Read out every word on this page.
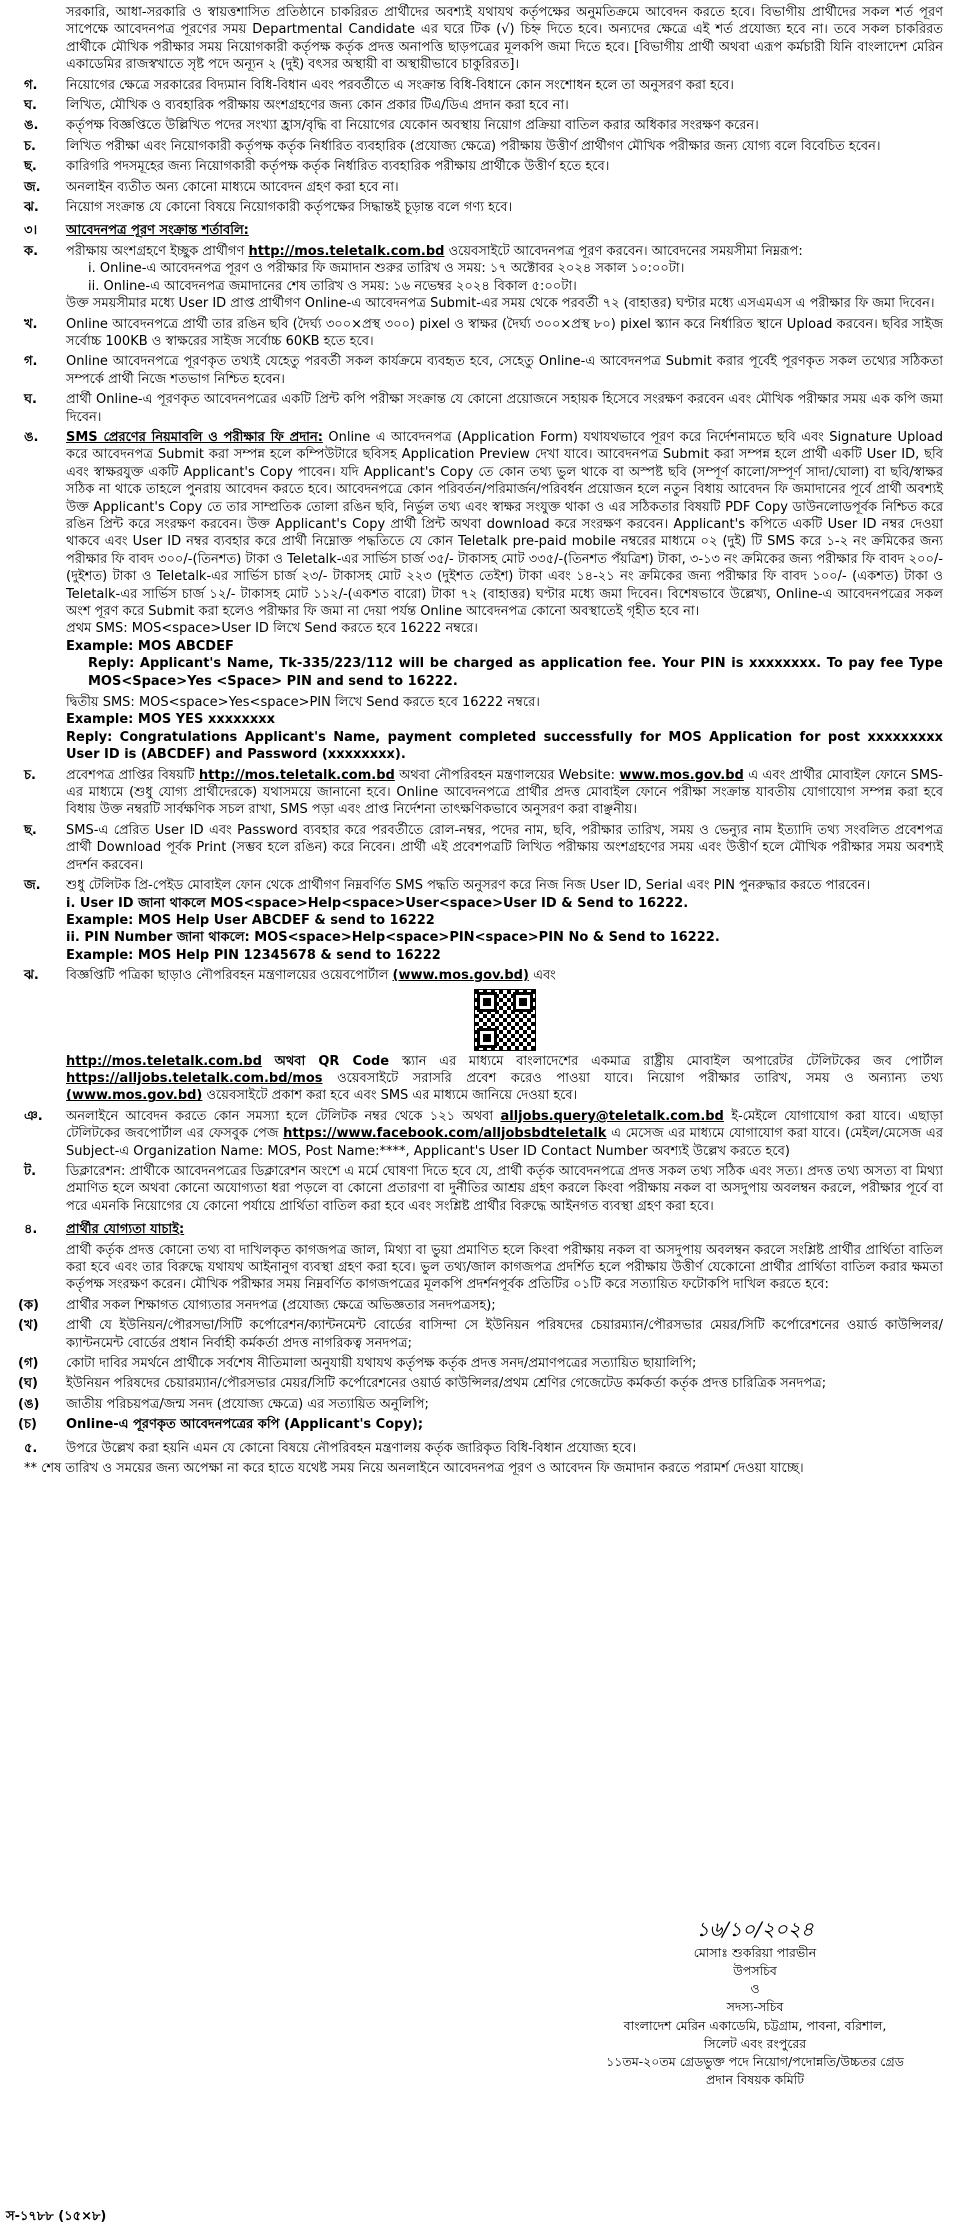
সরকারি, আধা-সরকারি ও স্বায়ত্তশাসিত প্রতিষ্ঠানে চাকরিরত প্রার্থীদের অবশ্যই যথাযথ কর্তৃপক্ষের অনুমতিক্রমে আবেদন করতে হবে। বিভাগীয় প্রার্থীদের সকল শর্ত পূরণ সাপেক্ষে আবেদনপত্র পূরণের সময় Departmental Candidate এর ঘরে টিক (√) চিহ্ন দিতে হবে। অন্যদের ক্ষেত্রে এই শর্ত প্রযোজ্য হবে না। তবে সকল চাকরিরত প্রার্থীকে মৌখিক পরীক্ষার সময় নিয়োগকারী কর্তৃপক্ষ কর্তৃক প্রদত্ত অনাপত্তি ছাড়পত্রের মূলকপি জমা দিতে হবে। [বিভাগীয় প্রার্থী অথবা এরূপ কর্মচারী যিনি বাংলাদেশ মেরিন একাডেমির রাজস্বখাতে সৃষ্ট পদে অন্যূন ২ (দুই) বৎসর অস্থায়ী বা অস্থায়ীভাবে চাকুরিরত]।
গ.	নিয়োগের ক্ষেত্রে সরকারের বিদ্যমান বিধি-বিধান এবং পরবর্তীতে এ সংক্রান্ত বিধি-বিধানে কোন সংশোধন হলে তা অনুসরণ করা হবে।
ঘ.	লিখিত, মৌখিক ও ব্যবহারিক পরীক্ষায় অংশগ্রহণের জন্য কোন প্রকার টিএ/ডিএ প্রদান করা হবে না।
ঙ.	কর্তৃপক্ষ বিজ্ঞপ্তিতে উল্লিখিত পদের সংখ্যা হ্রাস/বৃদ্ধি বা নিয়োগের যেকোন অবস্থায় নিয়োগ প্রক্রিয়া বাতিল করার অধিকার সংরক্ষণ করেন।
চ.	লিখিত পরীক্ষা এবং নিয়োগকারী কর্তৃপক্ষ কর্তৃক নির্ধারিত ব্যবহারিক (প্রযোজ্য ক্ষেত্রে) পরীক্ষায় উত্তীর্ণ প্রার্থীগণ মৌখিক পরীক্ষার জন্য যোগ্য বলে বিবেচিত হবেন।
ছ.	কারিগরি পদসমূহের জন্য নিয়োগকারী কর্তৃপক্ষ কর্তৃক নির্ধারিত ব্যবহারিক পরীক্ষায় প্রার্থীকে উত্তীর্ণ হতে হবে।
জ.	অনলাইন ব্যতীত অন্য কোনো মাধ্যমে আবেদন গ্রহণ করা হবে না।
ঝ.	নিয়োগ সংক্রান্ত যে কোনো বিষয়ে নিয়োগকারী কর্তৃপক্ষের সিদ্ধান্তই চূড়ান্ত বলে গণ্য হবে।
৩।	আবেদনপত্র পূরণ সংক্রান্ত শর্তাবলি:
ক.	পরীক্ষায় অংশগ্রহণে ইচ্ছুক প্রার্থীগণ http://mos.teletalk.com.bd ওয়েবসাইটে আবেদনপত্র পূরণ করবেন। আবেদনের সময়সীমা নিম্নরূপ:
i. Online-এ আবেদনপত্র পূরণ ও পরীক্ষার ফি জমাদান শুরুর তারিখ ও সময়: ১৭ অক্টোবর ২০২৪ সকাল ১০:০০টা।
ii. Online-এ আবেদনপত্র জমাদানের শেষ তারিখ ও সময়: ১৬ নভেম্বর ২০২৪ বিকাল ৫:০০টা।
উক্ত সময়সীমার মধ্যে User ID প্রাপ্ত প্রার্থীগণ Online-এ আবেদনপত্র Submit-এর সময় থেকে পরবর্তী ৭২ (বাহাত্তর) ঘণ্টার মধ্যে এসএমএস এ পরীক্ষার ফি জমা দিবেন।
খ.	Online আবেদনপত্রে প্রার্থী তার রঙিন ছবি (দৈর্ঘ্য ৩০০×প্রস্থ ৩০০) pixel ও স্বাক্ষর (দৈর্ঘ্য ৩০০×প্রস্থ ৮০) pixel স্ক্যান করে নির্ধারিত স্থানে Upload করবেন। ছবির সাইজ সর্বোচ্চ 100KB ও স্বাক্ষরের সাইজ সর্বোচ্চ 60KB হতে হবে।
গ.	Online আবেদনপত্রে পূরণকৃত তথ্যই যেহেতু পরবর্তী সকল কার্যক্রমে ব্যবহৃত হবে, সেহেতু Online-এ আবেদনপত্র Submit করার পূর্বেই পূরণকৃত সকল তথ্যের সঠিকতা সম্পর্কে প্রার্থী নিজে শতভাগ নিশ্চিত হবেন।
ঘ.	প্রার্থী Online-এ পূরণকৃত আবেদনপত্রের একটি প্রিন্ট কপি পরীক্ষা সংক্রান্ত যে কোনো প্রয়োজনে সহায়ক হিসেবে সংরক্ষণ করবেন এবং মৌখিক পরীক্ষার সময় এক কপি জমা দিবেন।
ঙ.	SMS প্রেরণের নিয়মাবলি ও পরীক্ষার ফি প্রদান: Online এ আবেদনপত্র (Application Form) যথাযথভাবে পূরণ করে নির্দেশনামতে ছবি এবং Signature Upload করে আবেদনপত্র Submit করা সম্পন্ন হলে কম্পিউটারে ছবিসহ Application Preview দেখা যাবে। আবেদনপত্র Submit করা সম্পন্ন হলে প্রার্থী একটি User ID, ছবি এবং স্বাক্ষরযুক্ত একটি Applicant's Copy পাবেন। যদি Applicant's Copy তে কোন তথ্য ভুল থাকে বা অস্পষ্ট ছবি (সম্পূর্ণ কালো/সম্পূর্ণ সাদা/ঘোলা) বা ছবি/স্বাক্ষর সঠিক না থাকে তাহলে পুনরায় আবেদন করতে হবে। আবেদনপত্রে কোন পরিবর্তন/পরিমার্জন/পরিবর্ধন প্রয়োজন হলে নতুন বিধায় আবেদন ফি জমাদানের পূর্বে প্রার্থী অবশ্যই উক্ত Applicant's Copy তে তার সাম্প্রতিক তোলা রঙিন ছবি, নির্ভুল তথ্য এবং স্বাক্ষর সংযুক্ত থাকা ও এর সঠিকতার বিষয়টি PDF Copy ডাউনলোডপূর্বক নিশ্চিত করে রঙিন প্রিন্ট করে সংরক্ষণ করবেন। উক্ত Applicant's Copy প্রার্থী প্রিন্ট অথবা download করে সংরক্ষণ করবেন। Applicant's কপিতে একটি User ID নম্বর দেওয়া থাকবে এবং User ID নম্বর ব্যবহার করে প্রার্থী নিম্নোক্ত পদ্ধতিতে যে কোন Teletalk pre-paid mobile নম্বরের মাধ্যমে ০২ (দুই) টি SMS করে ১-২ নং ক্রমিকের জন্য পরীক্ষার ফি বাবদ ৩০০/-(তিনশত) টাকা ও Teletalk-এর সার্ভিস চার্জ ৩৫/- টাকাসহ মোট ৩৩৫/-(তিনশত পঁয়ত্রিশ) টাকা, ৩-১৩ নং ক্রমিকের জন্য পরীক্ষার ফি বাবদ ২০০/-(দুইশত) টাকা ও Teletalk-এর সার্ভিস চার্জ ২৩/- টাকাসহ মোট ২২৩ (দুইশত তেইশ) টাকা এবং ১৪-২১ নং ক্রমিকের জন্য পরীক্ষার ফি বাবদ ১০০/- (একশত) টাকা ও Teletalk-এর সার্ভিস চার্জ ১২/- টাকাসহ মোট ১১২/-(একশত বারো) টাকা ৭২ (বাহাত্তর) ঘণ্টার মধ্যে জমা দিবেন। বিশেষভাবে উল্লেখ্য, Online-এ আবেদনপত্রের সকল অংশ পূরণ করে Submit করা হলেও পরীক্ষার ফি জমা না দেয়া পর্যন্ত Online আবেদনপত্র কোনো অবস্থাতেই গৃহীত হবে না।
প্রথম SMS: MOS<space>User ID লিখে Send করতে হবে 16222 নম্বরে।
Example: MOS ABCDEF
Reply: Applicant's Name, Tk-335/223/112 will be charged as application fee. Your PIN is xxxxxxxx. To pay fee Type MOS<Space>Yes <Space> PIN and send to 16222.
দ্বিতীয় SMS: MOS<space>Yes<space>PIN লিখে Send করতে হবে 16222 নম্বরে।
Example: MOS YES xxxxxxxx
Reply: Congratulations Applicant's Name, payment completed successfully for MOS Application for post xxxxxxxxx User ID is (ABCDEF) and Password (xxxxxxxx).
চ.	প্রবেশপত্র প্রাপ্তির বিষয়টি http://mos.teletalk.com.bd অথবা নৌপরিবহন মন্ত্রণালয়ের Website: www.mos.gov.bd এ এবং প্রার্থীর মোবাইল ফোনে SMS-এর মাধ্যমে (শুধু যোগ্য প্রার্থীদেরকে) যথাসময়ে জানানো হবে। Online আবেদনপত্রে প্রার্থীর প্রদত্ত মোবাইল ফোনে পরীক্ষা সংক্রান্ত যাবতীয় যোগাযোগ সম্পন্ন করা হবে বিধায় উক্ত নম্বরটি সার্বক্ষণিক সচল রাখা, SMS পড়া এবং প্রাপ্ত নির্দেশনা তাৎক্ষণিকভাবে অনুসরণ করা বাঞ্ছনীয়।
ছ.	SMS-এ প্রেরিত User ID এবং Password ব্যবহার করে পরবর্তীতে রোল-নম্বর, পদের নাম, ছবি, পরীক্ষার তারিখ, সময় ও ভেন্যুর নাম ইত্যাদি তথ্য সংবলিত প্রবেশপত্র প্রার্থী Download পূর্বক Print (সম্ভব হলে রঙিন) করে নিবেন। প্রার্থী এই প্রবেশপত্রটি লিখিত পরীক্ষায় অংশগ্রহণের সময় এবং উত্তীর্ণ হলে মৌখিক পরীক্ষার সময় অবশ্যই প্রদর্শন করবেন।
জ.	শুধু টেলিটক প্রি-পেইড মোবাইল ফোন থেকে প্রার্থীগণ নিম্নবর্ণিত SMS পদ্ধতি অনুসরণ করে নিজ নিজ User ID, Serial এবং PIN পুনরুদ্ধার করতে পারবেন।
i. User ID জানা থাকলে MOS<space>Help<space>User<space>User ID & Send to 16222.
Example: MOS Help User ABCDEF & send to 16222
ii. PIN Number জানা থাকলে: MOS<space>Help<space>PIN<space>PIN No & Send to 16222.
Example: MOS Help PIN 12345678 & send to 16222
ঝ.	বিজ্ঞপ্তিটি পত্রিকা ছাড়াও নৌপরিবহন মন্ত্রণালয়ের ওয়েবপোর্টাল (www.mos.gov.bd) এবং
http://mos.teletalk.com.bd অথবা QR Code স্ক্যান এর মাধ্যমে বাংলাদেশের একমাত্র রাষ্ট্রীয় মোবাইল অপারেটর টেলিটকের জব পোর্টাল https://alljobs.teletalk.com.bd/mos ওয়েবসাইটে সরাসরি প্রবেশ করেও পাওয়া যাবে। নিয়োগ পরীক্ষার তারিখ, সময় ও অন্যান্য তথ্য (www.mos.gov.bd) ওয়েবসাইটে প্রকাশ করা হবে এবং SMS এর মাধ্যমে জানিয়ে দেওয়া হবে।
ঞ.	অনলাইনে আবেদন করতে কোন সমস্যা হলে টেলিটক নম্বর থেকে ১২১ অথবা alljobs.query@teletalk.com.bd ই-মেইলে যোগাযোগ করা যাবে। এছাড়া টেলিটকের জবপোর্টাল এর ফেসবুক পেজ https://www.facebook.com/alljobsbdteletalk এ মেসেজ এর মাধ্যমে যোগাযোগ করা যাবে। (মেইল/মেসেজ এর Subject-এ Organization Name: MOS, Post Name:****, Applicant's User ID Contact Number অবশ্যই উল্লেখ করতে হবে)
ট.	ডিক্লারেশন: প্রার্থীকে আবেদনপত্রের ডিক্লারেশন অংশে এ মর্মে ঘোষণা দিতে হবে যে, প্রার্থী কর্তৃক আবেদনপত্রে প্রদত্ত সকল তথ্য সঠিক এবং সত্য। প্রদত্ত তথ্য অসত্য বা মিথ্যা প্রমাণিত হলে অথবা কোনো অযোগ্যতা ধরা পড়লে বা কোনো প্রতারণা বা দুর্নীতির আশ্রয় গ্রহণ করলে কিংবা পরীক্ষায় নকল বা অসদুপায় অবলম্বন করলে, পরীক্ষার পূর্বে বা পরে এমনকি নিয়োগের যে কোনো পর্যায়ে প্রার্থিতা বাতিল করা হবে এবং সংশ্লিষ্ট প্রার্থীর বিরুদ্ধে আইনগত ব্যবস্থা গ্রহণ করা হবে।
৪.	প্রার্থীর যোগ্যতা যাচাই:
প্রার্থী কর্তৃক প্রদত্ত কোনো তথ্য বা দাখিলকৃত কাগজপত্র জাল, মিথ্যা বা ভুয়া প্রমাণিত হলে কিংবা পরীক্ষায় নকল বা অসদুপায় অবলম্বন করলে সংশ্লিষ্ট প্রার্থীর প্রার্থিতা বাতিল করা হবে এবং তার বিরুদ্ধে যথাযথ আইনানুগ ব্যবস্থা গ্রহণ করা হবে। ভুল তথ্য/জাল কাগজপত্র প্রদর্শিত হলে পরীক্ষায় উত্তীর্ণ যেকোনো প্রার্থীর প্রার্থিতা বাতিল করার ক্ষমতা কর্তৃপক্ষ সংরক্ষণ করেন। মৌখিক পরীক্ষার সময় নিম্নবর্ণিত কাগজপত্রের মূলকপি প্রদর্শনপূর্বক প্রতিটির ০১টি করে সত্যায়িত ফটোকপি দাখিল করতে হবে:
(ক)	প্রার্থীর সকল শিক্ষাগত যোগ্যতার সনদপত্র (প্রযোজ্য ক্ষেত্রে অভিজ্ঞতার সনদপত্রসহ);
(খ)	প্রার্থী যে ইউনিয়ন/পৌরসভা/সিটি কর্পোরেশন/ক্যান্টনমেন্ট বোর্ডের বাসিন্দা সে ইউনিয়ন পরিষদের চেয়ারম্যান/পৌরসভার মেয়র/সিটি কর্পোরেশনের ওয়ার্ড কাউন্সিলর/ক্যান্টনমেন্ট বোর্ডের প্রধান নির্বাহী কর্মকর্তা প্রদত্ত নাগরিকত্ব সনদপত্র;
(গ)	কোটা দাবির সমর্থনে প্রার্থীকে সর্বশেষ নীতিমালা অনুযায়ী যথাযথ কর্তৃপক্ষ কর্তৃক প্রদত্ত সনদ/প্রমাণপত্রের সত্যায়িত ছায়ালিপি;
(ঘ)	ইউনিয়ন পরিষদের চেয়ারম্যান/পৌরসভার মেয়র/সিটি কর্পোরেশনের ওয়ার্ড কাউন্সিলর/প্রথম শ্রেণির গেজেটেড কর্মকর্তা কর্তৃক প্রদত্ত চারিত্রিক সনদপত্র;
(ঙ)	জাতীয় পরিচয়পত্র/জন্ম সনদ (প্রযোজ্য ক্ষেত্রে) এর সত্যায়িত অনুলিপি;
(চ)	Online-এ পূরণকৃত আবেদনপত্রের কপি (Applicant's Copy);
৫.	উপরে উল্লেখ করা হয়নি এমন যে কোনো বিষয়ে নৌপরিবহন মন্ত্রণালয় কর্তৃক জারিকৃত বিধি-বিধান প্রযোজ্য হবে।
** শেষ তারিখ ও সময়ের জন্য অপেক্ষা না করে হাতে যথেষ্ট সময় নিয়ে অনলাইনে আবেদনপত্র পূরণ ও আবেদন ফি জমাদান করতে পরামর্শ দেওয়া যাচ্ছে।
১৬/১০/২০২৪
মোসাঃ শুকরিয়া পারভীন
উপসচিব
ও
সদস্য-সচিব
বাংলাদেশ মেরিন একাডেমি, চট্টগ্রাম, পাবনা, বরিশাল,
সিলেট এবং রংপুরের
১১তম-২০তম গ্রেডভুক্ত পদে নিয়োগ/পদোন্নতি/উচ্চতর গ্রেড
প্রদান বিষয়ক কমিটি
স-১৭৮৮ (১৫×৮)
